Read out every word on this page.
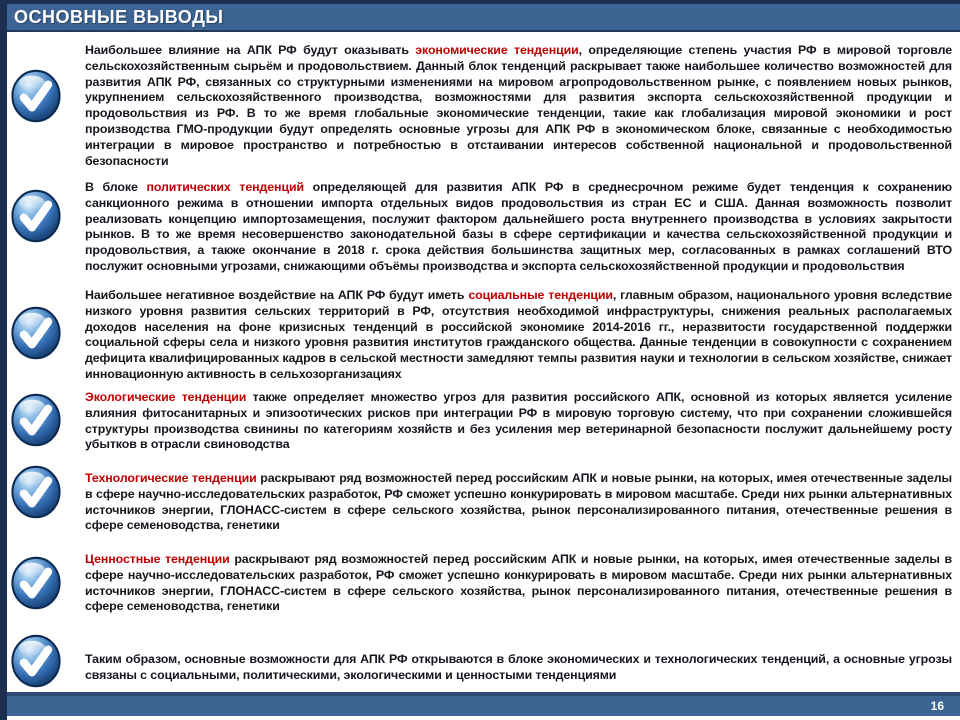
ОСНОВНЫЕ ВЫВОДЫ

Наибольшее влияние на АПК РФ будут оказывать экономические тенденции, определяющие степень участия РФ в мировой торговле сельскохозяйственным сырьём и продовольствием. Данный блок тенденций раскрывает также наибольшее количество возможностей для развития АПК РФ, связанных со структурными изменениями на мировом агропродовольственном рынке, с появлением новых рынков, укрупнением сельскохозяйственного производства, возможностями для развития экспорта сельскохозяйственной продукции и продовольствия из РФ. В то же время глобальные экономические тенденции, такие как глобализация мировой экономики и рост производства ГМО-продукции будут определять основные угрозы для АПК РФ в экономическом блоке, связанные с необходимостью интеграции в мировое пространство и потребностью в отстаивании интересов собственной национальной и продовольственной безопасности

В блоке политических тенденций определяющей для развития АПК РФ в среднесрочном режиме будет тенденция к сохранению санкционного режима в отношении импорта отдельных видов продовольствия из стран ЕС и США. Данная возможность позволит реализовать концепцию импортозамещения, послужит фактором дальнейшего роста внутреннего производства в условиях закрытости рынков. В то же время несовершенство законодательной базы в сфере сертификации и качества сельскохозяйственной продукции и продовольствия, а также окончание в 2018 г. срока действия большинства защитных мер, согласованных в рамках соглашений ВТО послужит основными угрозами, снижающими объёмы производства и экспорта сельскохозяйственной продукции и продовольствия

Наибольшее негативное воздействие на АПК РФ будут иметь социальные тенденции, главным образом, национального уровня вследствие низкого уровня развития сельских территорий в РФ, отсутствия необходимой инфраструктуры, снижения реальных располагаемых доходов населения на фоне кризисных тенденций в российской экономике 2014-2016 гг., неразвитости государственной поддержки социальной сферы села и низкого уровня развития институтов гражданского общества. Данные тенденции в совокупности с сохранением дефицита квалифицированных кадров в сельской местности замедляют темпы развития науки и технологии в сельском хозяйстве, снижает инновационную активность в сельхозорганизациях

Экологические тенденции также определяет множество угроз для развития российского АПК, основной из которых является усиление влияния фитосанитарных и эпизоотических рисков при интеграции РФ в мировую торговую систему, что при сохранении сложившейся структуры производства свинины по категориям хозяйств и без усиления мер ветеринарной безопасности послужит дальнейшему росту убытков в отрасли свиноводства

Технологические тенденции раскрывают ряд возможностей перед российским АПК и новые рынки, на которых, имея отечественные заделы в сфере научно-исследовательских разработок, РФ сможет успешно конкурировать в мировом масштабе. Среди них рынки альтернативных источников энергии, ГЛОНАСС-систем в сфере сельского хозяйства, рынок персонализированного питания, отечественные решения в сфере семеноводства, генетики

Ценностные тенденции раскрывают ряд возможностей перед российским АПК и новые рынки, на которых, имея отечественные заделы в сфере научно-исследовательских разработок, РФ сможет успешно конкурировать в мировом масштабе. Среди них рынки альтернативных источников энергии, ГЛОНАСС-систем в сфере сельского хозяйства, рынок персонализированного питания, отечественные решения в сфере семеноводства, генетики

Таким образом, основные возможности для АПК РФ открываются в блоке экономических и технологических тенденций, а основные угрозы связаны с социальными, политическими, экологическими и ценностыми тенденциями

16
